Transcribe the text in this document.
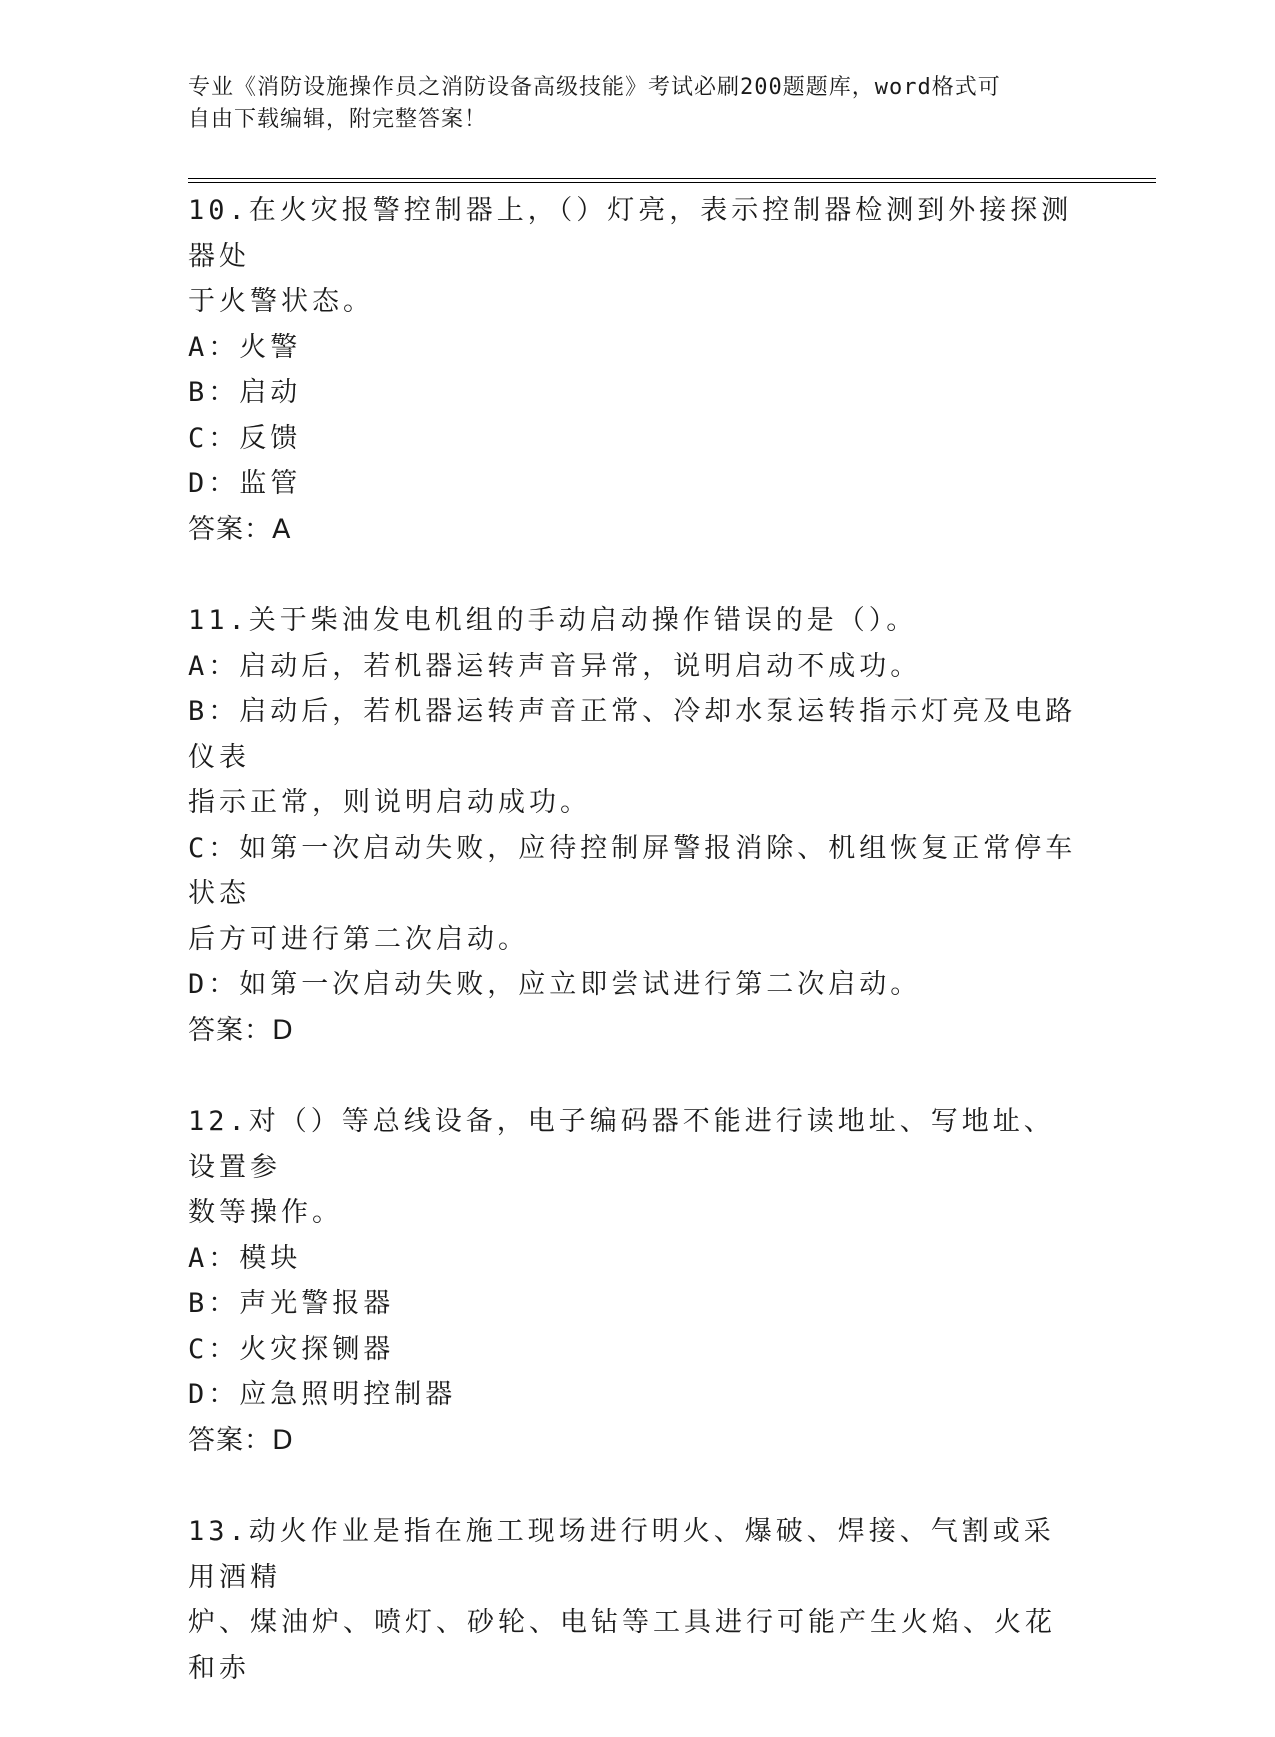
专业《消防设施操作员之消防设备高级技能》考试必刷200题题库，word格式可
自由下载编辑，附完整答案！
10.在火灾报警控制器上，（）灯亮，表示控制器检测到外接探测器处
于火警状态。
A：火警
B：启动
C：反馈
D：监管
答案：A
11.关于柴油发电机组的手动启动操作错误的是（）。
A：启动后，若机器运转声音异常，说明启动不成功。
B：启动后，若机器运转声音正常、冷却水泵运转指示灯亮及电路仪表
指示正常，则说明启动成功。
C：如第一次启动失败，应待控制屏警报消除、机组恢复正常停车状态
后方可进行第二次启动。
D：如第一次启动失败，应立即尝试进行第二次启动。
答案：D
12.对（）等总线设备，电子编码器不能进行读地址、写地址、设置参
数等操作。
A：模块
B：声光警报器
C：火灾探铡器
D：应急照明控制器
答案：D
13.动火作业是指在施工现场进行明火、爆破、焊接、气割或采用酒精
炉、煤油炉、喷灯、砂轮、电钻等工具进行可能产生火焰、火花和赤
